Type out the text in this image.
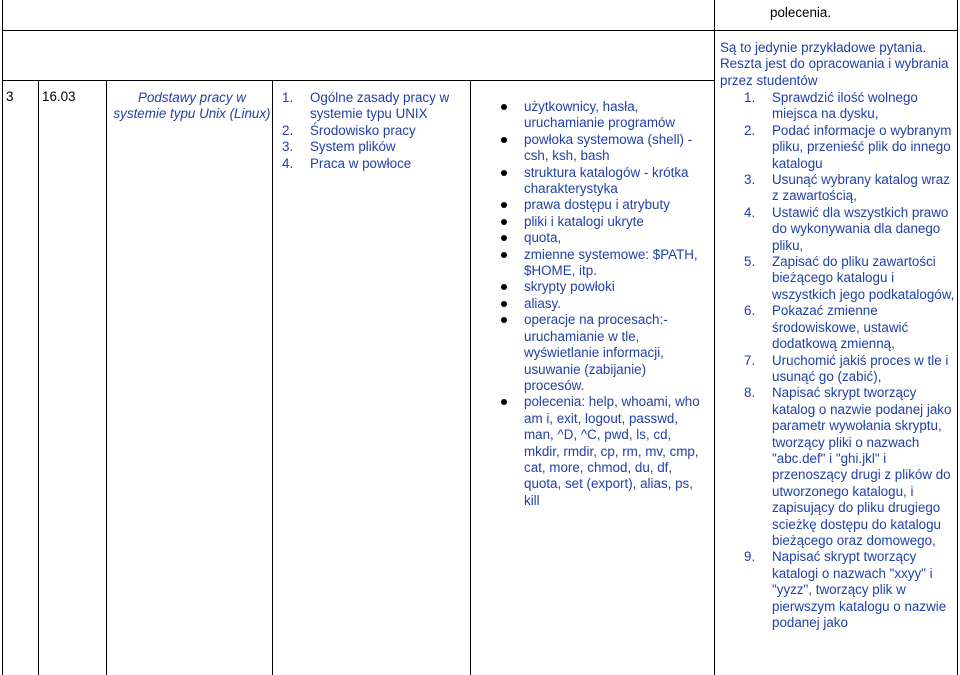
polecenia.
3 16.03	Podstawy pracy w systemie typu Unix (Linux)
1. Ogólne zasady pracy w systemie typu UNIX
2. Środowisko pracy
3. System plików
4. Praca w powłoce
użytkownicy, hasła, uruchamianie programów
powłoka systemowa (shell) - csh, ksh, bash
struktura katalogów - krótka charakterystyka
prawa dostępu i atrybuty
pliki i katalogi ukryte
quota,
zmienne systemowe: $PATH, $HOME, itp.
skrypty powłoki
aliasy.
operacje na procesach:- uruchamianie w tle, wyświetlanie informacji, usuwanie (zabijanie) procesów.
polecenia: help, whoami, who am i, exit, logout, passwd, man, ^D, ^C, pwd, ls, cd, mkdir, rmdir, cp, rm, mv, cmp, cat, more, chmod, du, df, quota, set (export), alias, ps, kill
Są to jedynie przykładowe pytania. Reszta jest do opracowania i wybrania przez studentów
1. Sprawdzić ilość wolnego miejsca na dysku,
2. Podać informacje o wybranym pliku, przenieść plik do innego katalogu
3. Usunąć wybrany katalog wraz z zawartością,
4. Ustawić dla wszystkich prawo do wykonywania dla danego pliku,
5. Zapisać do pliku zawartości bieżącego katalogu i wszystkich jego podkatalogów,
6. Pokazać zmienne środowiskowe, ustawić dodatkową zmienną,
7. Uruchomić jakiś proces w tle i usunąć go (zabić),
8. Napisać skrypt tworzący katalog o nazwie podanej jako parametr wywołania skryptu, tworzący pliki o nazwach "abc.def" i "ghi.jkl" i przenoszący drugi z plików do utworzonego katalogu, i zapisujący do pliku drugiego scieżkę dostępu do katalogu bieżącego oraz domowego,
9. Napisać skrypt tworzący katalogi o nazwach "xxyy" i "yyzz", tworzący plik w pierwszym katalogu o nazwie podanej jako
